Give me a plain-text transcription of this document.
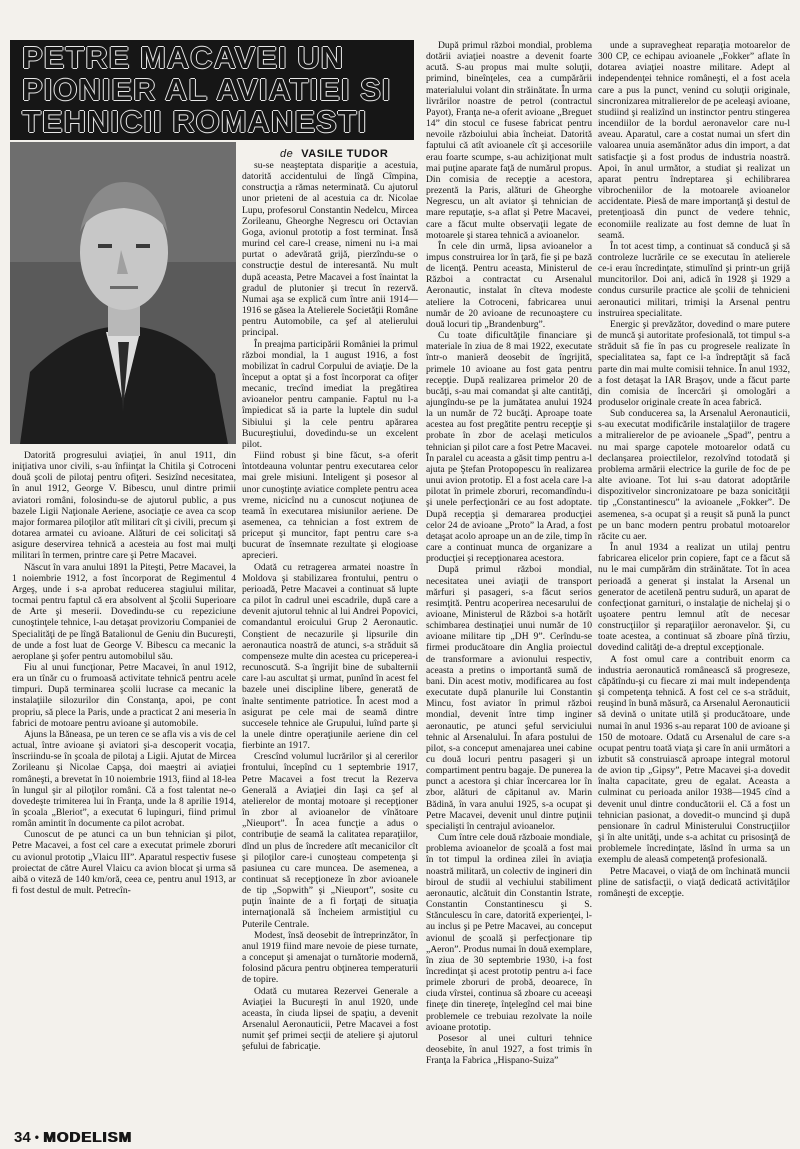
PETRE MACAVEI UN
PIONIER AL AVIATIEI SI
TEHNICII ROMANESTI
de VASILE TUDOR

Datorită progresului aviaţiei, în anul 1911, din iniţiativa unor civili, s-au înfiinţat la Chitila şi Cotroceni două şcoli de pilotaj pentru ofiţeri. Sesizînd necesitatea, în anul 1912, George V. Bibescu, unul dintre primii aviatori români, folosindu-se de ajutorul public, a pus bazele Ligii Naţionale Aeriene, asociaţie ce avea ca scop major formarea piloţilor atît militari cît şi civili, precum şi dotarea armatei cu avioane. Alături de cei solicitaţi să asigure deservirea tehnică a acesteia au fost mai mulţi militari în termen, printre care şi Petre Macavei.

Născut în vara anului 1891 la Piteşti, Petre Macavei, la 1 noiembrie 1912, a fost încorporat de Regimentul 4 Argeş, unde i s-a aprobat reducerea stagiului militar, tocmai pentru faptul că era absolvent al Şcolii Superioare de Arte şi meserii. Dovedindu-se cu repeziciune cunoştinţele tehnice, l-au detaşat provizoriu Companiei de Specialităţi de pe lîngă Batalionul de Geniu din Bucureşti, de unde a fost luat de George V. Bibescu ca mecanic la aeroplane şi şofer pentru automobilul său.

Fiu al unui funcţionar, Petre Macavei, în anul 1912, era un tînăr cu o frumoasă activitate tehnică pentru acele timpuri. După terminarea şcolii lucrase ca mecanic la instalaţiile silozurilor din Constanţa, apoi, pe cont propriu, să plece la Paris, unde a practicat 2 ani meseria în fabrici de motoare pentru avioane şi automobile.

Ajuns la Băneasa, pe un teren ce se afla vis a vis de cel actual, între avioane şi aviatori şi-a descoperit vocaţia, înscriindu-se în şcoala de pilotaj a Ligii. Ajutat de Mircea Zorileanu şi Nicolae Capşa, doi maeştri ai aviaţiei româneşti, a brevetat în 10 noiembrie 1913, fiind al 18-lea în lungul şir al piloţilor români. Că a fost talentat ne-o dovedeşte trimiterea lui în Franţa, unde la 8 aprilie 1914, în şcoala „Bleriot”, a executat 6 lupinguri, fiind primul român amintit în documente ca pilot acrobat.

Cunoscut de pe atunci ca un bun tehnician şi pilot, Petre Macavei, a fost cel care a executat primele zboruri cu avionul prototip „Vlaicu III”. Aparatul respectiv fusese proiectat de către Aurel Vlaicu ca avion blocat şi urma să aibă o viteză de 140 km/oră, ceea ce, pentru anul 1913, ar fi fost destul de mult. Petrecîn-

su-se neaşteptata dispariţie a acestuia, datorită accidentului de lîngă Cîmpina, construcţia a rămas neterminată. Cu ajutorul unor prieteni de al acestuia ca dr. Nicolae Lupu, profesorul Constantin Nedelcu, Mircea Zorileanu, Gheorghe Negrescu ori Octavian Goga, avionul prototip a fost terminat. Însă murind cel care-l crease, nimeni nu i-a mai purtat o adevărată grijă, pierzîndu-se o construcţie destul de interesantă. Nu mult după aceasta, Petre Macavei a fost înaintat la gradul de plutonier şi trecut în rezervă. Numai aşa se explică cum între anii 1914—1916 se găsea la Atelierele Societăţii Române pentru Automobile, ca şef al atelierului principal.

În preajma participării României la primul război mondial, la 1 august 1916, a fost mobilizat în cadrul Corpului de aviaţie. De la început a optat şi a fost încorporat ca ofiţer mecanic, trecînd imediat la pregătirea avioanelor pentru campanie. Faptul nu l-a împiedicat să ia parte la luptele din sudul Sibiului şi la cele pentru apărarea Bucureştiului, dovedindu-se un excelent pilot.

Fiind robust şi bine făcut, s-a oferit întotdeauna voluntar pentru executarea celor mai grele misiuni. Inteligent şi posesor al unor cunoştinţe aviatice complete pentru acea vreme, nicicînd nu a cunoscut noţiunea de teamă în executarea misiunilor aeriene. De asemenea, ca tehnician a fost extrem de priceput şi muncitor, fapt pentru care s-a bucurat de însemnate rezultate şi elogioase aprecieri.

Odată cu retragerea armatei noastre în Moldova şi stabilizarea frontului, pentru o perioadă, Petre Macavei a continuat să lupte ca pilot în cadrul unei escadrile, după care a devenit ajutorul tehnic al lui Andrei Popovici, comandantul eroicului Grup 2 Aeronautic. Conştient de necazurile şi lipsurile din aeronautica noastră de atunci, s-a străduit să compenseze multe din acestea cu priceperea-i recunoscută. S-a îngrijit bine de subalternii care l-au ascultat şi urmat, punînd în acest fel bazele unei discipline libere, generată de înalte sentimente patriotice. În acest mod a asigurat pe cele mai de seamă dintre succesele tehnice ale Grupului, luînd parte şi la unele dintre operaţiunile aeriene din cel fierbinte an 1917.

Crescînd volumul lucrărilor şi al cererilor frontului, începînd cu 1 septembrie 1917, Petre Macavei a fost trecut la Rezerva Generală a Aviaţiei din Iaşi ca şef al atelierelor de montaj motoare şi recepţioner în zbor al avioanelor de vînătoare „Nieuport”. În acea funcţie a adus o contribuţie de seamă la calitatea reparaţiilor, dînd un plus de încredere atît mecanicilor cît şi piloţilor care-i cunoşteau competenţa şi pasiunea cu care muncea. De asemenea, a continuat să recepţioneze în zbor avioanele de tip „Sopwith” şi „Nieuport”, sosite cu puţin înainte de a fi forţaţi de situaţia internaţională să încheiem armistiţiul cu Puterile Centrale.

Modest, însă deosebit de întreprinzător, în anul 1919 fiind mare nevoie de piese turnate, a conceput şi amenajat o turnătorie modernă, folosind păcura pentru obţinerea temperaturii de topire.

Odată cu mutarea Rezervei Generale a Aviaţiei la Bucureşti în anul 1920, unde aceasta, în ciuda lipsei de spaţiu, a devenit Arsenalul Aeronauticii, Petre Macavei a fost numit şef primei secţii de ateliere şi ajutorul şefului de fabricaţie.

După primul război mondial, problema dotării aviaţiei noastre a devenit foarte acută. S-au propus mai multe soluţii, primind, bineînţeles, cea a cumpărării materialului volant din străinătate. În urma livrărilor noastre de petrol (contractul Payot), Franţa ne-a oferit avioane „Breguet 14” din stocul ce fusese fabricat pentru nevoile războiului abia încheiat. Datorită faptului că atît avioanele cît şi accesoriile erau foarte scumpe, s-au achiziţionat mult mai puţine aparate faţă de numărul propus. Din comisia de recepţie a acestora, prezentă la Paris, alături de Gheorghe Negrescu, un alt aviator şi tehnician de mare reputaţie, s-a aflat şi Petre Macavei, care a făcut multe observaţii legate de motoarele şi starea tehnică a avioanelor.

În cele din urmă, lipsa avioanelor a impus construirea lor în ţară, fie şi pe bază de licenţă. Pentru aceasta, Ministerul de Război a contractat cu Arsenalul Aeronautic, instalat în cîteva modeste ateliere la Cotroceni, fabricarea unui număr de 20 avioane de recunoaştere cu două locuri tip „Brandenburg”.

Cu toate dificultăţile financiare şi materiale în ziua de 8 mai 1922, executate într-o manieră deosebit de îngrijită, primele 10 avioane au fost gata pentru recepţie. După realizarea primelor 20 de bucăţi, s-au mai comandat şi alte cantităţi, ajungîndu-se pe la jumătatea anului 1924 la un număr de 72 bucăţi. Aproape toate acestea au fost pregătite pentru recepţie şi probate în zbor de acelaşi meticulos tehnician şi pilot care a fost Petre Macavei. În paralel cu aceasta a găsit timp pentru a-l ajuta pe Ştefan Protopopescu în realizarea unui avion prototip. El a fost acela care l-a pilotat în primele zboruri, recomandîndu-i şi unele perfecţionări ce au fost adoptate. După recepţia şi demararea producţiei celor 24 de avioane „Proto” la Arad, a fost detaşat acolo aproape un an de zile, timp în care a continuat munca de organizare a producţiei şi recepţionarea acestora.

După primul război mondial, necesitatea unei aviaţii de transport mărfuri şi pasageri, s-a făcut serios resimţită. Pentru acoperirea necesarului de avioane, Ministerul de Război s-a hotărît schimbarea destinaţiei unui număr de 10 avioane militare tip „DH 9”. Cerîndu-se firmei producătoare din Anglia proiectul de transformare a avionului respectiv, aceasta a pretins o importantă sumă de bani. Din acest motiv, modificarea au fost executate după planurile lui Constantin Mincu, fost aviator în primul război mondial, devenit între timp inginer aeronautic, pe atunci şeful serviciului tehnic al Arsenalului. În afara postului de pilot, s-a conceput amenajarea unei cabine cu două locuri pentru pasageri şi un compartiment pentru bagaje. De punerea la punct a acestora şi chiar încercarea lor în zbor, alături de căpitanul av. Marin Bădină, în vara anului 1925, s-a ocupat şi Petre Macavei, devenit unul dintre puţinii specialişti în centrajul avioanelor.

Cum între cele două războaie mondiale, problema avioanelor de şcoală a fost mai în tot timpul la ordinea zilei în aviaţia noastră militară, un colectiv de ingineri din biroul de studii al vechiului stabiliment aeronautic, alcătuit din Constantin Istrate, Constantin Constantinescu şi S. Stănculescu în care, datorită experienţei, l-au inclus şi pe Petre Macavei, au conceput avionul de şcoală şi perfecţionare tip „Aeron”. Produs numai în două exemplare, în ziua de 30 septembrie 1930, i-a fost încredinţat şi acest prototip pentru a-i face primele zboruri de probă, deoarece, în ciuda vîrstei, continua să zboare cu aceeaşi fineţe din tinereţe, înţelegînd cel mai bine problemele ce trebuiau rezolvate la noile avioane prototip.

Posesor al unei culturi tehnice deosebite, în anul 1927, a fost trimis în Franţa la Fabrica „Hispano-Suiza”

unde a supravegheat reparaţia motoarelor de 300 CP, ce echipau avioanele „Fokker” aflate în dotarea aviaţiei noastre militare. Adept al independenţei tehnice româneşti, el a fost acela care a pus la punct, venind cu soluţii originale, sincronizarea mitralierelor de pe aceleaşi avioane, studiind şi realizînd un instinctor pentru stingerea incendiilor de la bordul aeronavelor care nu-l aveau. Aparatul, care a costat numai un sfert din valoarea unuia asemănător adus din import, a dat satisfacţie şi a fost produs de industria noastră. Apoi, în anul următor, a studiat şi realizat un aparat pentru îndreptarea şi echilibrarea vibrocheniilor de la motoarele avioanelor accidentate. Piesă de mare importanţă şi destul de pretenţioasă din punct de vedere tehnic, economiile realizate au fost demne de luat în seamă.

În tot acest timp, a continuat să conducă şi să controleze lucrările ce se executau în atelierele ce-i erau încredinţate, stimulînd şi printr-un grijă muncitorilor. Doi ani, adică în 1928 şi 1929 a condus cursurile practice ale şcolii de tehnicieni aeronautici militari, trimişi la Arsenal pentru instruirea specialitate.

Energic şi prevăzător, dovedind o mare putere de muncă şi autoritate profesională, tot timpul s-a străduit să fie în pas cu progresele realizate în specialitatea sa, fapt ce l-a îndreptăţit să facă parte din mai multe comisii tehnice. În anul 1932, a fost detaşat la IAR Braşov, unde a făcut parte din comisia de încercări şi omologări a produselor originale create în acea fabrică.

Sub conducerea sa, la Arsenalul Aeronauticii, s-au executat modificările instalaţiilor de tragere a mitralierelor de pe avioanele „Spad”, pentru a nu mai sparge capotele motoarelor odată cu declanşarea proiectilelor, rezolvînd totodată şi problema armării electrice la gurile de foc de pe alte avioane. Tot lui s-au datorat adoptările dispozitivelor sincronizatoare pe baza sonicităţii tip „Constantinescu” la avioanele „Fokker”. De asemenea, s-a ocupat şi a reuşit să pună la punct pe un banc modern pentru probatul motoarelor răcite cu aer.

În anul 1934 a realizat un utilaj pentru fabricarea elicelor prin copiere, fapt ce a făcut să nu le mai cumpărăm din străinătate. Tot în acea perioadă a generat şi instalat la Arsenal un generator de acetilenă pentru sudură, un aparat de confecţionat garnituri, o instalaţie de nichelaj şi o uşoatere pentru lemnul atît de necesar construcţiilor şi reparaţiilor aeronavelor. Şi, cu toate acestea, a continuat să zboare pînă tîrziu, dovedind calităţi de-a dreptul excepţionale.

A fost omul care a contribuit enorm ca industria aeronautică românească să progreseze, căpătîndu-şi cu fiecare zi mai mult independenţa şi competenţa tehnică. A fost cel ce s-a străduit, reuşind în bună măsură, ca Arsenalul Aeronauticii să devină o unitate utilă şi producătoare, unde numai în anul 1936 s-au reparat 100 de avioane şi 150 de motoare. Odată cu Arsenalul de care s-a ocupat pentru toată viaţa şi care în anii următori a izbutit să construiască aproape integral motorul de avion tip „Gipsy”, Petre Macavei şi-a dovedit înalta capacitate, greu de egalat. Aceasta a culminat cu perioada anilor 1938—1945 cînd a devenit unul dintre conducătorii el. Că a fost un tehnician pasionat, a dovedit-o muncind şi după pensionare în cadrul Ministerului Construcţiilor şi în alte unităţi, unde s-a achitat cu prisosinţă de problemele încredinţate, lăsînd în urma sa un exemplu de aleasă competenţă profesională.

Petre Macavei, o viaţă de om închinată muncii pline de satisfacţii, o viaţă dedicată activităţilor româneşti de excepţie.

34 • MODELISM
